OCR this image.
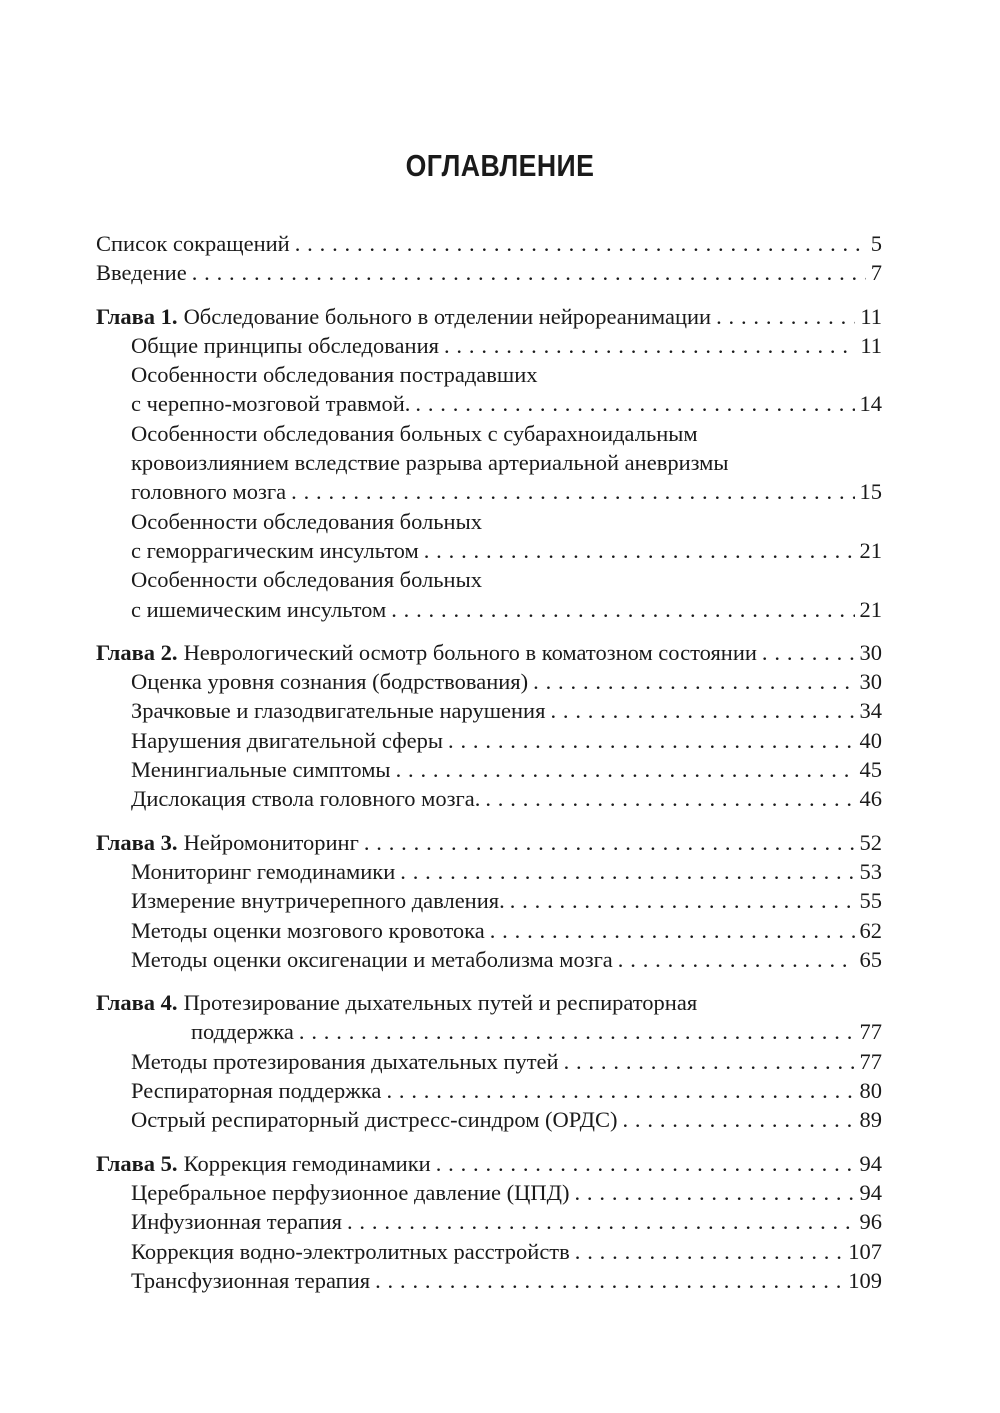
ОГЛАВЛЕНИЕ
Список сокращений . . .	5
Введение . . .	7
Глава 1. Обследование больного в отделении нейрореанимации . . .	11
Общие принципы обследования . . .	11
Особенности обследования пострадавших
с черепно-мозговой травмой. . . .	14
Особенности обследования больных с субарахноидальным
кровоизлиянием вследствие разрыва артериальной аневризмы
головного мозга . . .	15
Особенности обследования больных
с геморрагическим инсультом . . .	21
Особенности обследования больных
с ишемическим инсультом . . .	21
Глава 2. Неврологический осмотр больного в коматозном состоянии . . .	30
Оценка уровня сознания (бодрствования) . . .	30
Зрачковые и глазодвигательные нарушения . . .	34
Нарушения двигательной сферы . . .	40
Менингиальные симптомы . . .	45
Дислокация ствола головного мозга. . . .	46
Глава 3. Нейромониторинг . . .	52
Мониторинг гемодинамики . . .	53
Измерение внутричерепного давления. . . .	55
Методы оценки мозгового кровотока . . .	62
Методы оценки оксигенации и метаболизма мозга . . .	65
Глава 4. Протезирование дыхательных путей и респираторная
поддержка . . .	77
Методы протезирования дыхательных путей . . .	77
Респираторная поддержка . . .	80
Острый респираторный дистресс-синдром (ОРДС) . . .	89
Глава 5. Коррекция гемодинамики . . .	94
Церебральное перфузионное давление (ЦПД) . . .	94
Инфузионная терапия . . .	96
Коррекция водно-электролитных расстройств . . .	107
Трансфузионная терапия . . .	109
